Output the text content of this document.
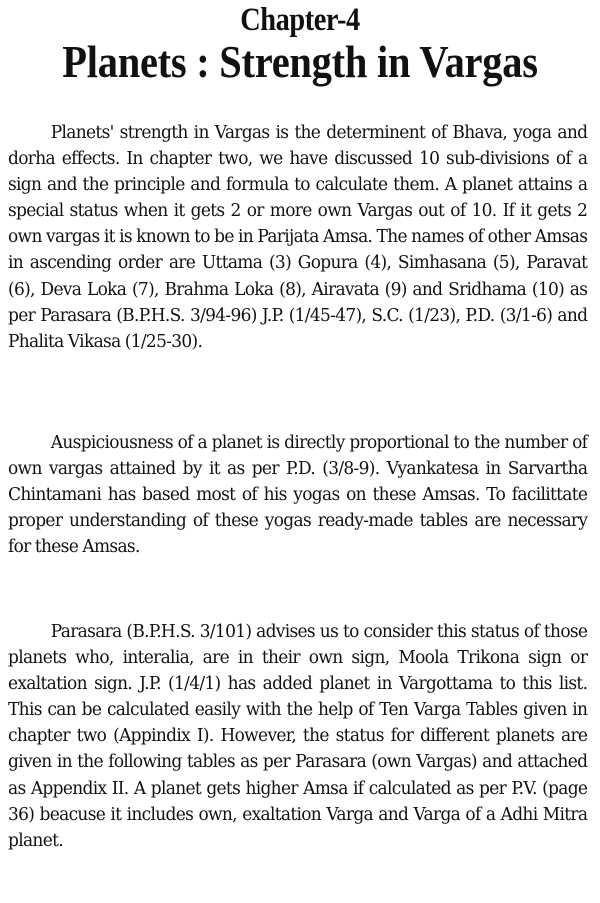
Chapter-4
Planets : Strength in Vargas

Planets' strength in Vargas is the determinent of Bhava, yoga and dorha effects. In chapter two, we have discussed 10 sub-divisions of a sign and the principle and formula to calculate them. A planet attains a special status when it gets 2 or more own Vargas out of 10. If it gets 2 own vargas it is known to be in Parijata Amsa. The names of other Amsas in ascending order are Uttama (3) Gopura (4), Simhasana (5), Paravat (6), Deva Loka (7), Brahma Loka (8), Airavata (9) and Sridhama (10) as per Parasara (B.P.H.S. 3/94-96) J.P. (1/45-47), S.C. (1/23), P.D. (3/1-6) and Phalita Vikasa (1/25-30).

Auspiciousness of a planet is directly proportional to the number of own vargas attained by it as per P.D. (3/8-9). Vyankatesa in Sarvartha Chintamani has based most of his yogas on these Amsas. To facilittate proper understanding of these yogas ready-made tables are necessary for these Amsas.

Parasara (B.P.H.S. 3/101) advises us to consider this status of those planets who, interalia, are in their own sign, Moola Trikona sign or exaltation sign. J.P. (1/4/1) has added planet in Vargottama to this list. This can be calculated easily with the help of Ten Varga Tables given in chapter two (Appindix I). However, the status for different planets are given in the following tables as per Parasara (own Vargas) and attached as Appendix II. A planet gets higher Amsa if calculated as per P.V. (page 36) beacuse it includes own, exaltation Varga and Varga of a Adhi Mitra planet.
